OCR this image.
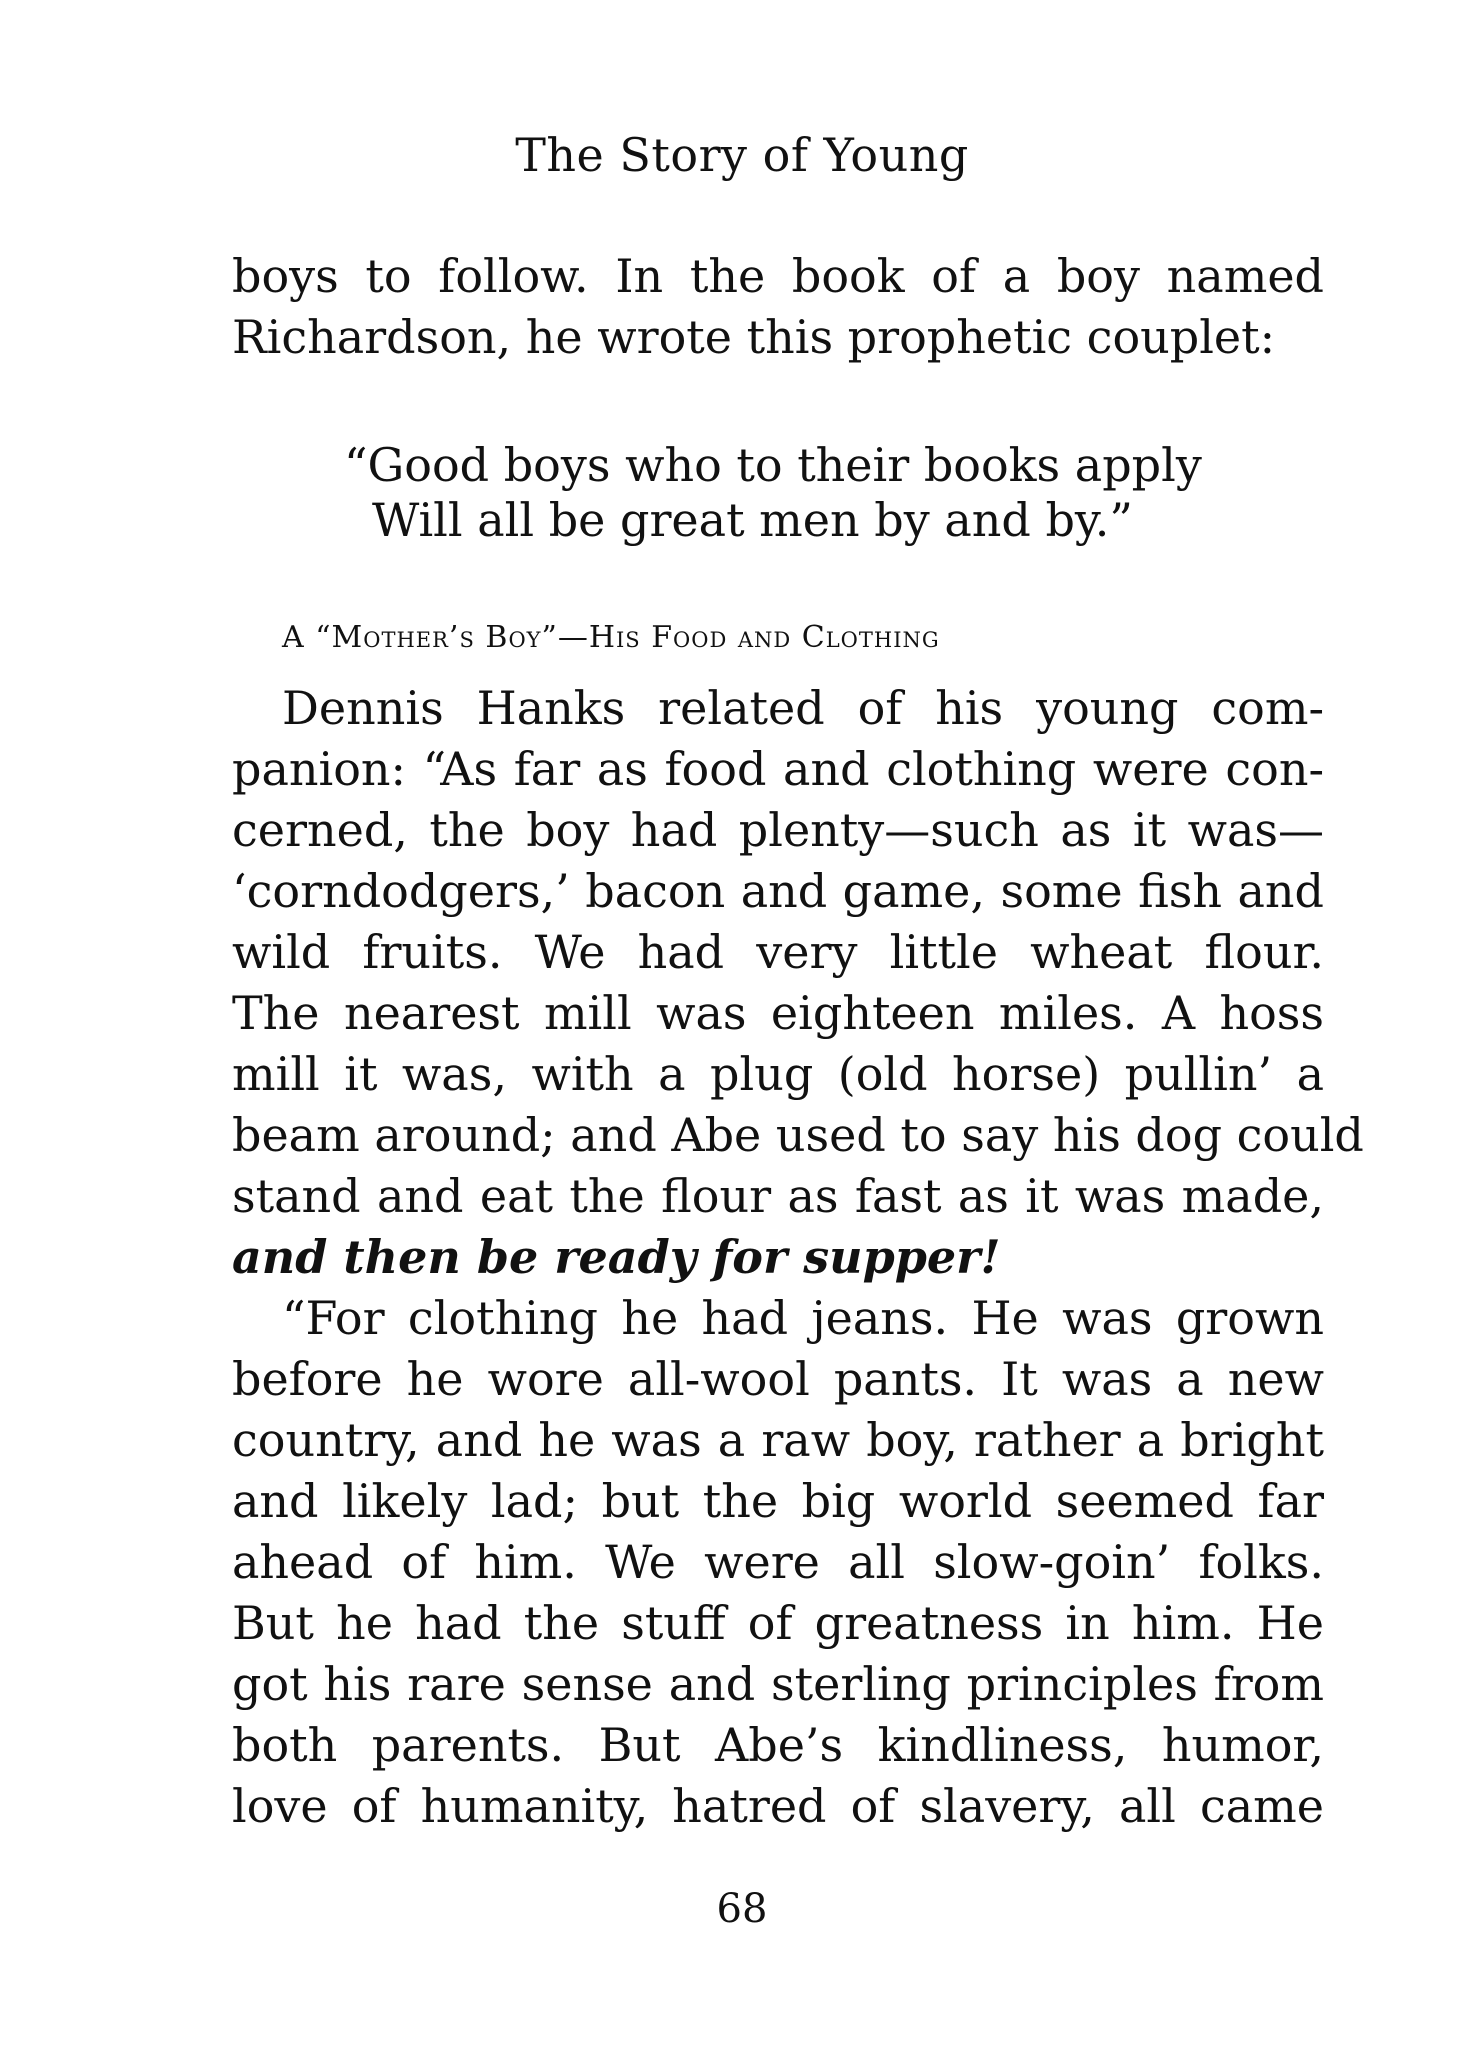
The Story of Young
boys to follow. In the book of a boy named
Richardson, he wrote this prophetic couplet:
“Good boys who to their books apply
Will all be great men by and by.”
A “Mother’s Boy”—His Food and Clothing
Dennis Hanks related of his young com-
panion: “As far as food and clothing were con-
cerned, the boy had plenty—such as it was—
‘corndodgers,’ bacon and game, some fish and
wild fruits. We had very little wheat flour.
The nearest mill was eighteen miles. A hoss
mill it was, with a plug (old horse) pullin’ a
beam around; and Abe used to say his dog could
stand and eat the flour as fast as it was made,
and then be ready for supper!
“For clothing he had jeans. He was grown
before he wore all-wool pants. It was a new
country, and he was a raw boy, rather a bright
and likely lad; but the big world seemed far
ahead of him. We were all slow-goin’ folks.
But he had the stuff of greatness in him. He
got his rare sense and sterling principles from
both parents. But Abe’s kindliness, humor,
love of humanity, hatred of slavery, all came
68
